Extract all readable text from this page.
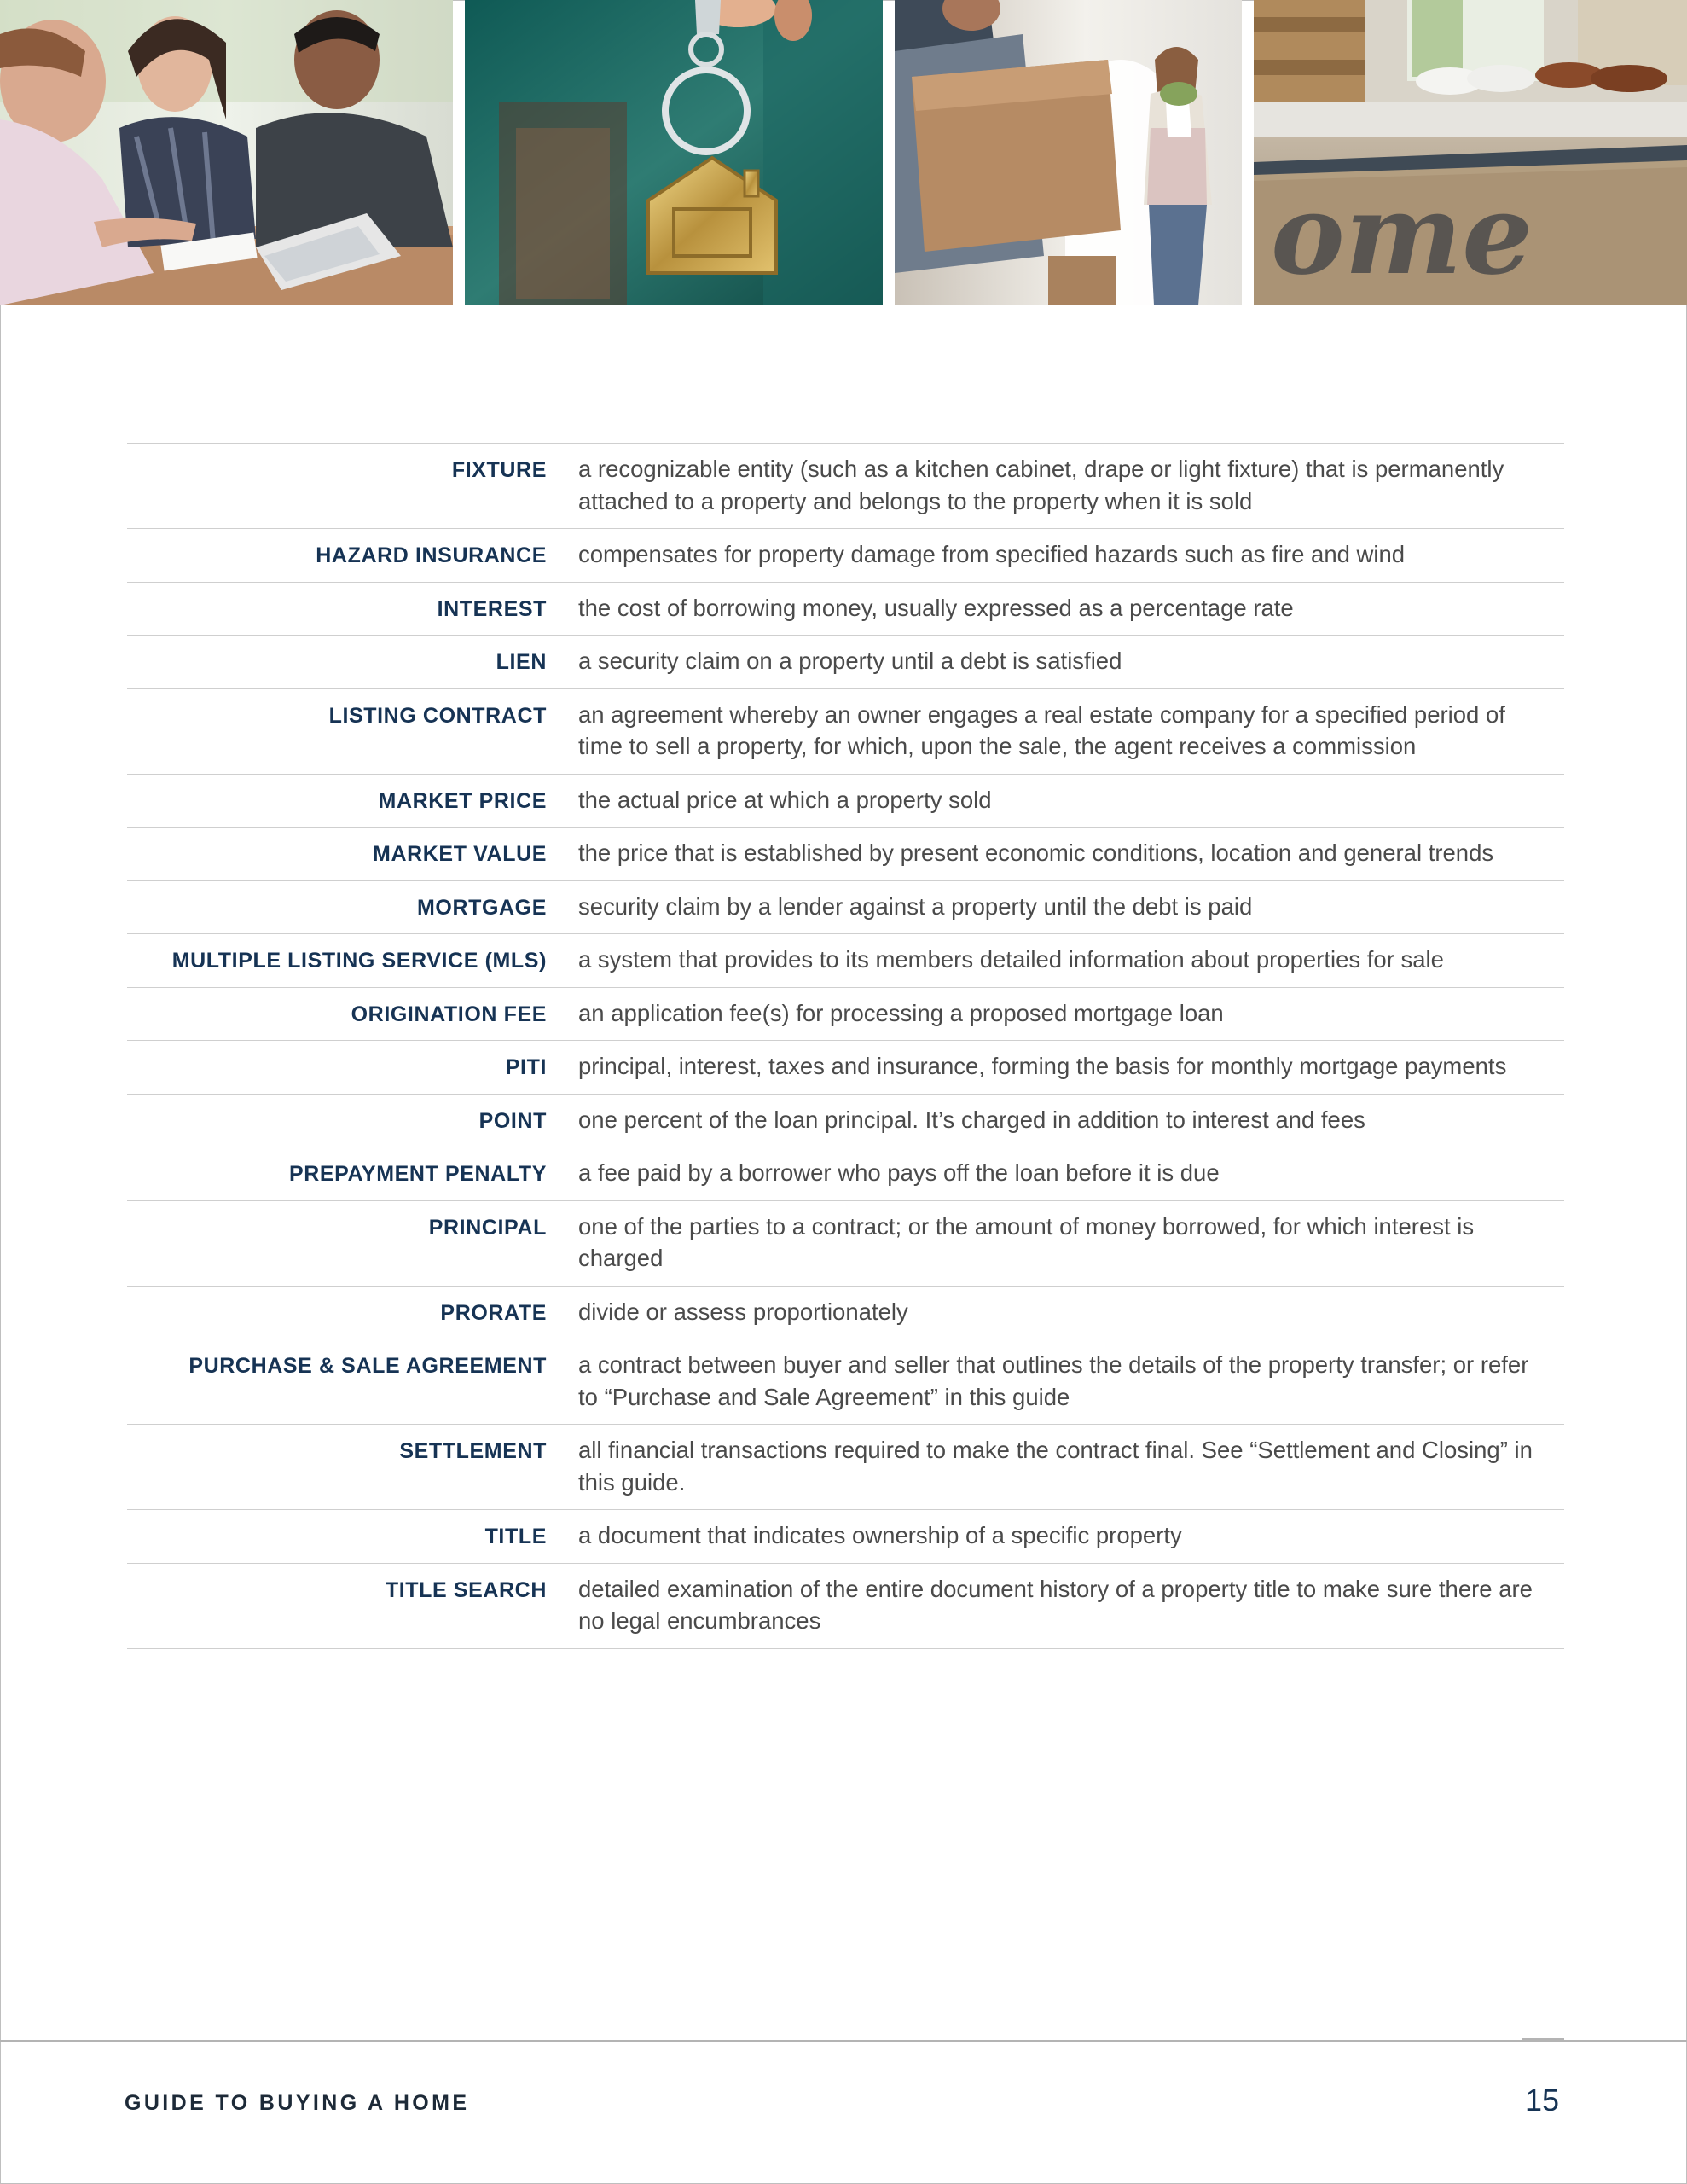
ome
FIXTURE a recognizable entity (such as a kitchen cabinet, drape or light fixture) that is permanently attached to a property and belongs to the property when it is sold
HAZARD INSURANCE compensates for property damage from specified hazards such as fire and wind
INTEREST the cost of borrowing money, usually expressed as a percentage rate
LIEN a security claim on a property until a debt is satisfied
LISTING CONTRACT an agreement whereby an owner engages a real estate company for a specified period of time to sell a property, for which, upon the sale, the agent receives a commission
MARKET PRICE the actual price at which a property sold
MARKET VALUE the price that is established by present economic conditions, location and general trends
MORTGAGE security claim by a lender against a property until the debt is paid
MULTIPLE LISTING SERVICE (MLS) a system that provides to its members detailed information about properties for sale
ORIGINATION FEE an application fee(s) for processing a proposed mortgage loan
PITI principal, interest, taxes and insurance, forming the basis for monthly mortgage payments
POINT one percent of the loan principal. It’s charged in addition to interest and fees
PREPAYMENT PENALTY a fee paid by a borrower who pays off the loan before it is due
PRINCIPAL one of the parties to a contract; or the amount of money borrowed, for which interest is charged
PRORATE divide or assess proportionately
PURCHASE & SALE AGREEMENT a contract between buyer and seller that outlines the details of the property transfer; or refer to “Purchase and Sale Agreement” in this guide
SETTLEMENT all financial transactions required to make the contract final. See “Settlement and Closing” in this guide.
TITLE a document that indicates ownership of a specific property
TITLE SEARCH detailed examination of the entire document history of a property title to make sure there are no legal encumbrances
GUIDE TO BUYING A HOME	15
